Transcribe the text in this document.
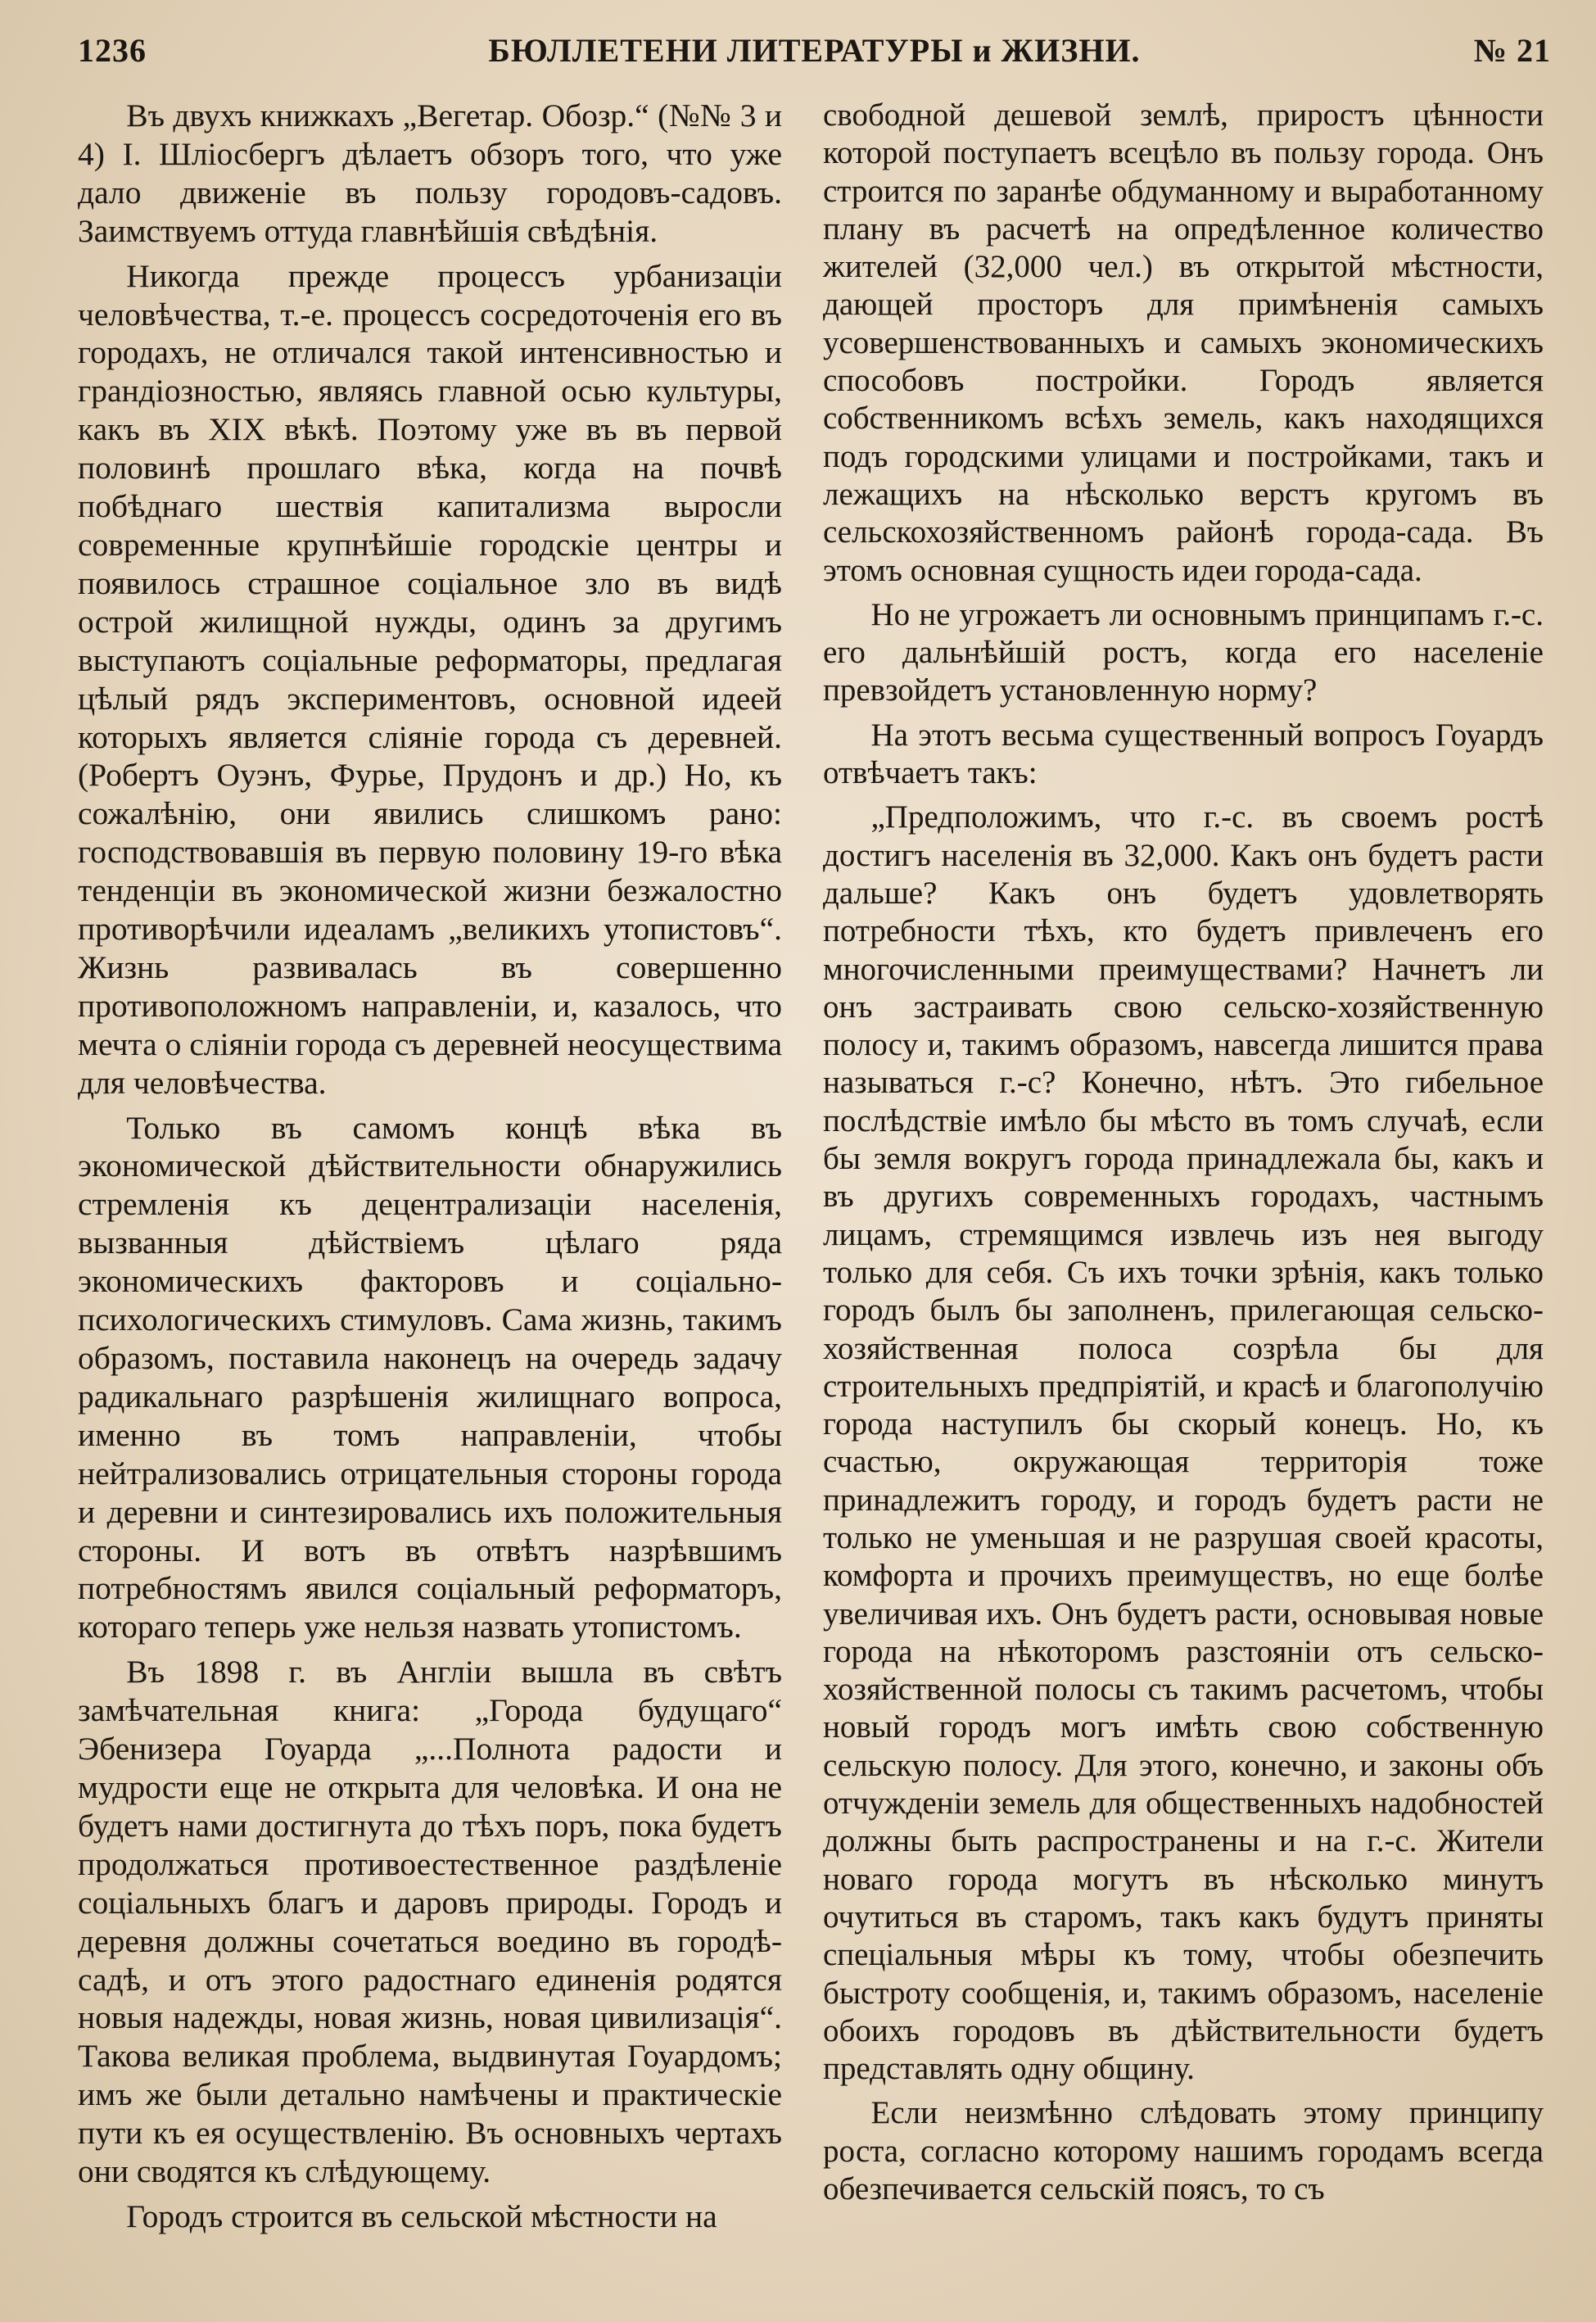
1236	БЮЛЛЕТЕНИ ЛИТЕРАТУРЫ и ЖИЗНИ.	№ 21

Въ двухъ книжкахъ „Вегетар. Обозр.“ (№№ 3 и 4) І. Шліосбергъ дѣлаетъ обзоръ того, что уже дало движеніе въ пользу городовъ-садовъ. Заимствуемъ оттуда главнѣйшія свѣдѣнія.

Никогда прежде процессъ урбанизаціи человѣчества, т.-е. процессъ сосредоточенія его въ городахъ, не отличался такой интенсивностью и грандіозностью, являясь главной осью культуры, какъ въ XIX вѣкѣ. Поэтому уже въ въ первой половинѣ прошлаго вѣка, когда на почвѣ побѣднаго шествія капитализма выросли современные крупнѣйшіе городскіе центры и появилось страшное соціальное зло въ видѣ острой жилищной нужды, одинъ за другимъ выступаютъ соціальные реформаторы, предлагая цѣлый рядъ экспериментовъ, основной идеей которыхъ является сліяніе города съ деревней. (Робертъ Оуэнъ, Фурье, Прудонъ и др.) Но, къ сожалѣнію, они явились слишкомъ рано: господствовавшія въ первую половину 19-го вѣка тенденціи въ экономической жизни безжалостно противорѣчили идеаламъ „великихъ утопистовъ“. Жизнь развивалась въ совершенно противоположномъ направленіи, и, казалось, что мечта о сліяніи города съ деревней неосуществима для человѣчества.

Только въ самомъ концѣ вѣка въ экономической дѣйствительности обнаружились стремленія къ децентрализаціи населенія, вызванныя дѣйствіемъ цѣлаго ряда экономическихъ факторовъ и соціально-психологическихъ стимуловъ. Сама жизнь, такимъ образомъ, поставила наконецъ на очередь задачу радикальнаго разрѣшенія жилищнаго вопроса, именно въ томъ направленіи, чтобы нейтрализовались отрицательныя стороны города и деревни и синтезировались ихъ положительныя стороны. И вотъ въ отвѣтъ назрѣвшимъ потребностямъ явился соціальный реформаторъ, котораго теперь уже нельзя назвать утопистомъ.

Въ 1898 г. въ Англіи вышла въ свѣтъ замѣчательная книга: „Города будущаго“ Эбенизера Гоуарда „...Полнота радости и мудрости еще не открыта для человѣка. И она не будетъ нами достигнута до тѣхъ поръ, пока будетъ продолжаться противоестественное раздѣленіе соціальныхъ благъ и даровъ природы. Городъ и деревня должны сочетаться воедино въ городѣ-садѣ, и отъ этого радостнаго единенія родятся новыя надежды, новая жизнь, новая цивилизація“. Такова великая проблема, выдвинутая Гоуардомъ; имъ же были детально намѣчены и практическіе пути къ ея осуществленію. Въ основныхъ чертахъ они сводятся къ слѣдующему.

Городъ строится въ сельской мѣстности на

свободной дешевой землѣ, приростъ цѣнности которой поступаетъ всецѣло въ пользу города. Онъ строится по заранѣе обдуманному и выработанному плану въ расчетѣ на опредѣленное количество жителей (32,000 чел.) въ открытой мѣстности, дающей просторъ для примѣненія самыхъ усовершенствованныхъ и самыхъ экономическихъ способовъ постройки. Городъ является собственникомъ всѣхъ земель, какъ находящихся подъ городскими улицами и постройками, такъ и лежащихъ на нѣсколько верстъ кругомъ въ сельскохозяйственномъ районѣ города-сада. Въ этомъ основная сущность идеи города-сада.

Но не угрожаетъ ли основнымъ принципамъ г.-с. его дальнѣйшій ростъ, когда его населеніе превзойдетъ установленную норму?

На этотъ весьма существенный вопросъ Гоуардъ отвѣчаетъ такъ:

„Предположимъ, что г.-с. въ своемъ ростѣ достигъ населенія въ 32,000. Какъ онъ будетъ расти дальше? Какъ онъ будетъ удовлетворять потребности тѣхъ, кто будетъ привлеченъ его многочисленными преимуществами? Начнетъ ли онъ застраивать свою сельско-хозяйственную полосу и, такимъ образомъ, навсегда лишится права называться г.-с? Конечно, нѣтъ. Это гибельное послѣдствіе имѣло бы мѣсто въ томъ случаѣ, если бы земля вокругъ города принадлежала бы, какъ и въ другихъ современныхъ городахъ, частнымъ лицамъ, стремящимся извлечь изъ нея выгоду только для себя. Съ ихъ точки зрѣнія, какъ только городъ былъ бы заполненъ, прилегающая сельско-хозяйственная полоса созрѣла бы для строительныхъ предпріятій, и красѣ и благополучію города наступилъ бы скорый конецъ. Но, къ счастью, окружающая территорія тоже принадлежитъ городу, и городъ будетъ расти не только не уменьшая и не разрушая своей красоты, комфорта и прочихъ преимуществъ, но еще болѣе увеличивая ихъ. Онъ будетъ расти, основывая новые города на нѣкоторомъ разстояніи отъ сельско-хозяйственной полосы съ такимъ расчетомъ, чтобы новый городъ могъ имѣть свою собственную сельскую полосу. Для этого, конечно, и законы объ отчужденіи земель для общественныхъ надобностей должны быть распространены и на г.-с. Жители новаго города могутъ въ нѣсколько минутъ очутиться въ старомъ, такъ какъ будутъ приняты спеціальныя мѣры къ тому, чтобы обезпечить быстроту сообщенія, и, такимъ образомъ, населеніе обоихъ городовъ въ дѣйствительности будетъ представлять одну общину.

Если неизмѣнно слѣдовать этому принципу роста, согласно которому нашимъ городамъ всегда обезпечивается сельскій поясъ, то съ
